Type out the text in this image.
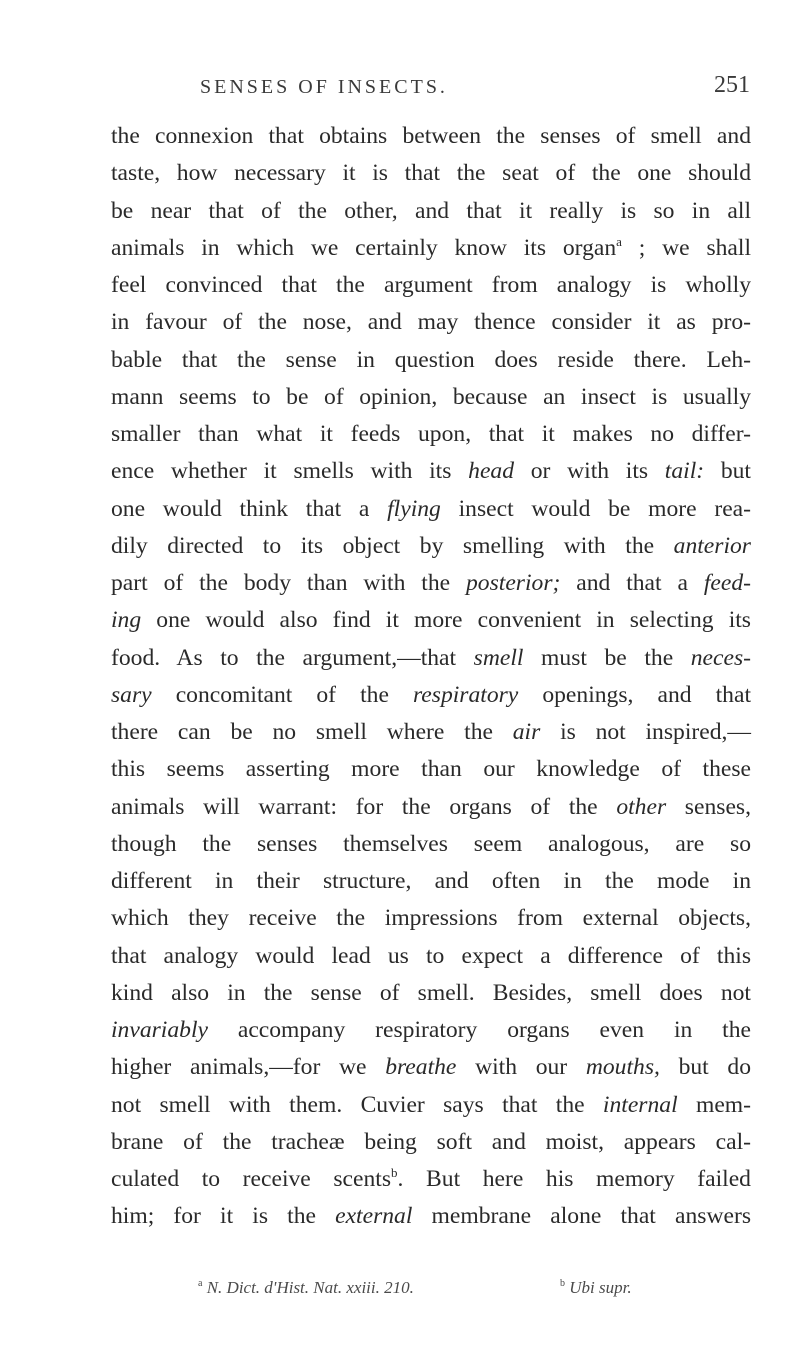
SENSES OF INSECTS.	251
the connexion that obtains between the senses of smell and
taste, how necessary it is that the seat of the one should
be near that of the other, and that it really is so in all
animals in which we certainly know its organ$^a$ ; we shall
feel convinced that the argument from analogy is wholly
in favour of the nose, and may thence consider it as pro-
bable that the sense in question does reside there. Leh-
mann seems to be of opinion, because an insect is usually
smaller than what it feeds upon, that it makes no differ-
ence whether it smells with its head or with its tail: but
one would think that a flying insect would be more rea-
dily directed to its object by smelling with the anterior
part of the body than with the posterior; and that a feed-
ing one would also find it more convenient in selecting its
food. As to the argument,—that smell must be the neces-
sary concomitant of the respiratory openings, and that
there can be no smell where the air is not inspired,—
this seems asserting more than our knowledge of these
animals will warrant: for the organs of the other senses,
though the senses themselves seem analogous, are so
different in their structure, and often in the mode in
which they receive the impressions from external objects,
that analogy would lead us to expect a difference of this
kind also in the sense of smell. Besides, smell does not
invariably accompany respiratory organs even in the
higher animals,—for we breathe with our mouths, but do
not smell with them. Cuvier says that the internal mem-
brane of the tracheæ being soft and moist, appears cal-
culated to receive scents$^b$. But here his memory failed
him; for it is the external membrane alone that answers
$^a$ N. Dict. d'Hist. Nat. xxiii. 210.	$^b$ Ubi supr.
